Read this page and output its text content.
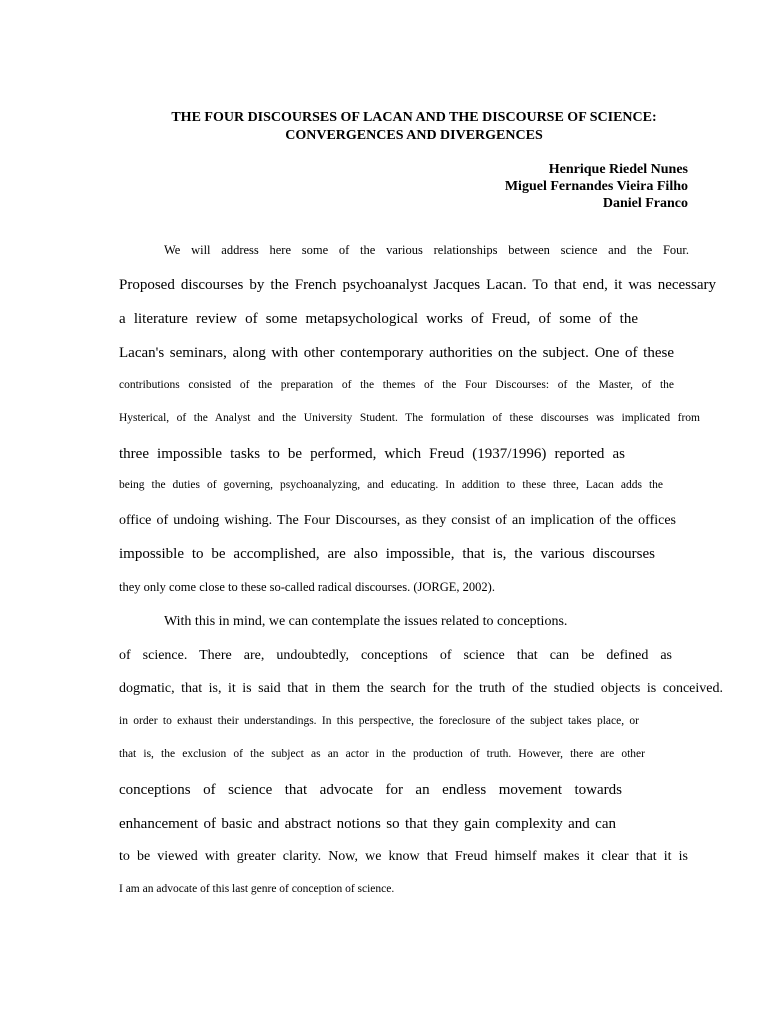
THE FOUR DISCOURSES OF LACAN AND THE DISCOURSE OF SCIENCE:
CONVERGENCES AND DIVERGENCES
Henrique Riedel Nunes
Miguel Fernandes Vieira Filho
Daniel Franco
We will address here some of the various relationships between science and the Four.
Proposed discourses by the French psychoanalyst Jacques Lacan. To that end, it was necessary
a literature review of some metapsychological works of Freud, of some of the
Lacan's seminars, along with other contemporary authorities on the subject. One of these
contributions consisted of the preparation of the themes of the Four Discourses: of the Master, of the
Hysterical, of the Analyst and the University Student. The formulation of these discourses was implicated from
three impossible tasks to be performed, which Freud (1937/1996) reported as
being the duties of governing, psychoanalyzing, and educating. In addition to these three, Lacan adds the
office of undoing wishing. The Four Discourses, as they consist of an implication of the offices
impossible to be accomplished, are also impossible, that is, the various discourses
they only come close to these so-called radical discourses. (JORGE, 2002).
With this in mind, we can contemplate the issues related to conceptions.
of science. There are, undoubtedly, conceptions of science that can be defined as
dogmatic, that is, it is said that in them the search for the truth of the studied objects is conceived.
in order to exhaust their understandings. In this perspective, the foreclosure of the subject takes place, or
that is, the exclusion of the subject as an actor in the production of truth. However, there are other
conceptions of science that advocate for an endless movement towards
enhancement of basic and abstract notions so that they gain complexity and can
to be viewed with greater clarity. Now, we know that Freud himself makes it clear that it is
I am an advocate of this last genre of conception of science.
